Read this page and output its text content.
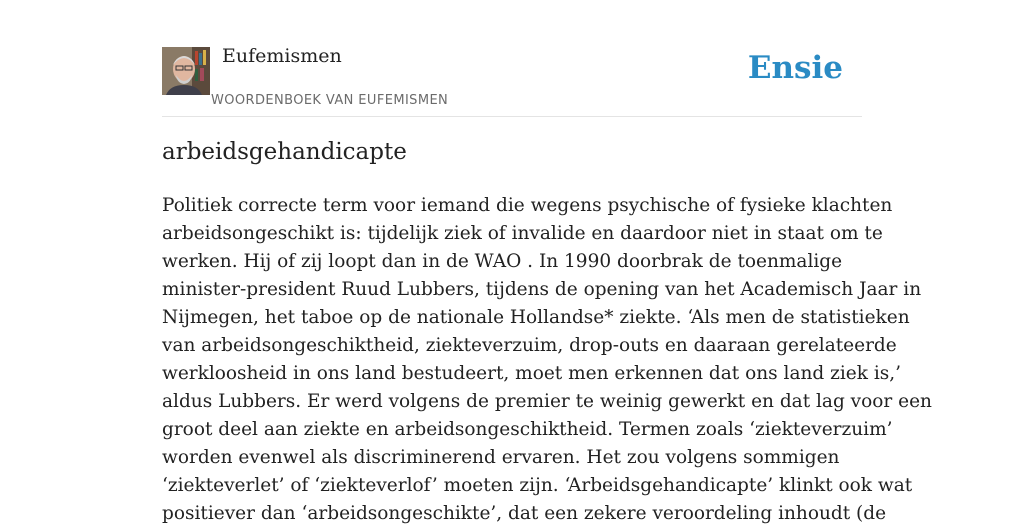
Eufemismen
WOORDENBOEK VAN EUFEMISMEN
Ensie
arbeidsgehandicapte
Politiek correcte term voor iemand die wegens psychische of fysieke klachten
arbeidsongeschikt is: tijdelijk ziek of invalide en daardoor niet in staat om te
werken. Hij of zij loopt dan in de WAO . In 1990 doorbrak de toenmalige
minister-president Ruud Lubbers, tijdens de opening van het Academisch Jaar in
Nijmegen, het taboe op de nationale Hollandse* ziekte. ‘Als men de statistieken
van arbeidsongeschiktheid, ziekteverzuim, drop-outs en daaraan gerelateerde
werkloosheid in ons land bestudeert, moet men erkennen dat ons land ziek is,’
aldus Lubbers. Er werd volgens de premier te weinig gewerkt en dat lag voor een
groot deel aan ziekte en arbeidsongeschiktheid. Termen zoals ‘ziekteverzuim’
worden evenwel als discriminerend ervaren. Het zou volgens sommigen
‘ziekteverlet’ of ‘ziekteverlof’ moeten zijn. ‘Arbeidsgehandicapte’ klinkt ook wat
positiever dan ‘arbeidsongeschikte’, dat een zekere veroordeling inhoudt (de
